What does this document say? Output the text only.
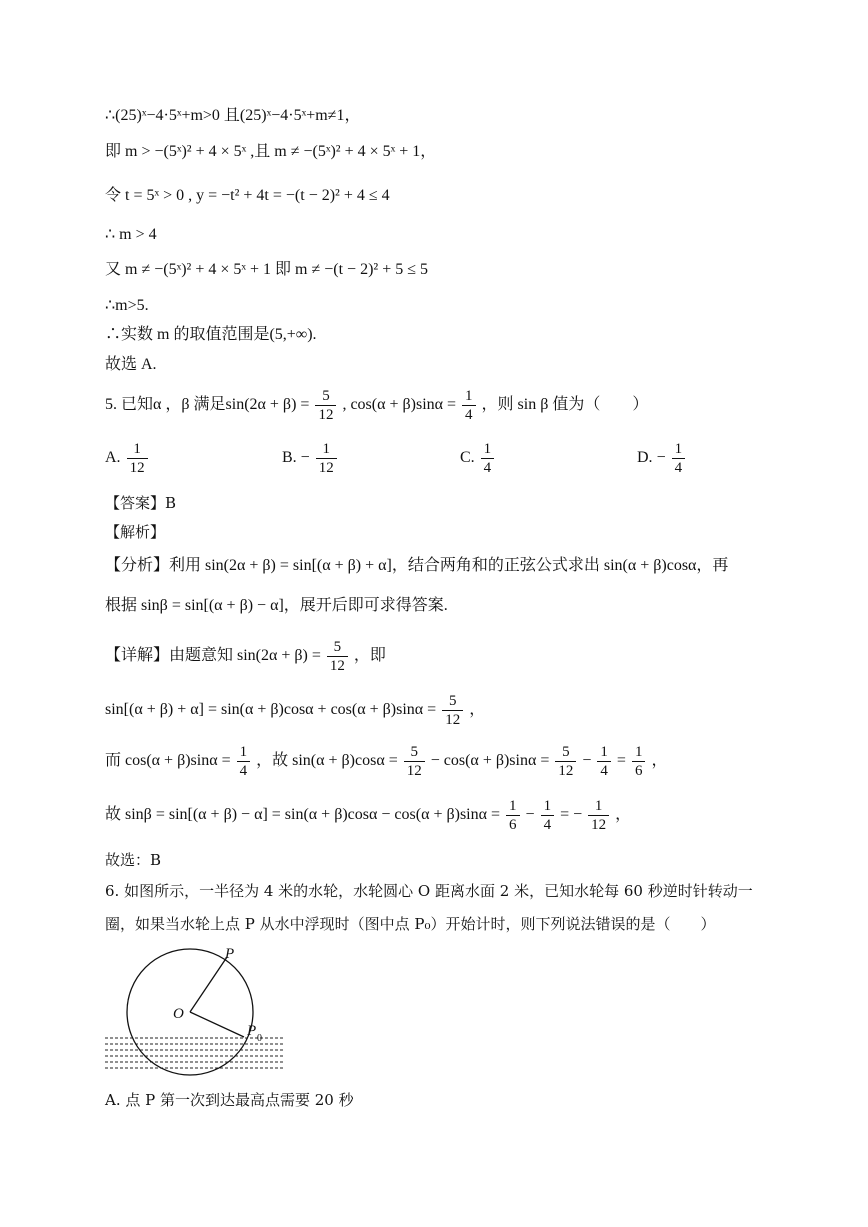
∴(25)ˣ−4·5ˣ+m>0 且(25)ˣ−4·5ˣ+m≠1，
即 m > −(5ˣ)² + 4 × 5ˣ ,且 m ≠ −(5ˣ)² + 4 × 5ˣ + 1，
令 t = 5ˣ > 0 , y = −t² + 4t = −(t − 2)² + 4 ≤ 4
∴ m > 4
又 m ≠ −(5ˣ)² + 4 × 5ˣ + 1 即 m ≠ −(t − 2)² + 5 ≤ 5
∴m>5.
∴实数 m 的取值范围是(5,+∞).
故选 A.
5. 已知α ，β 满足$\sin(2\alpha + \beta) = \frac{5}{12}$ , $\cos(\alpha + \beta)\sin\alpha = \frac{1}{4}$ ，则 sin β 值为（　　）
A. $\frac{1}{12}$	B. − $\frac{1}{12}$	C. $\frac{1}{4}$	D. − $\frac{1}{4}$
【答案】B
【解析】
【分析】利用 sin(2α + β) = sin[(α + β) + α]，结合两角和的正弦公式求出 sin(α + β)cosα，再
根据 sinβ = sin[(α + β) − α]，展开后即可求得答案.
【详解】由题意知 $\sin(2\alpha + \beta) = \frac{5}{12}$ ，即
$\sin[(\alpha + \beta) + \alpha] = \sin(\alpha + \beta)\cos\alpha + \cos(\alpha + \beta)\sin\alpha = \frac{5}{12}$ ，
而 $\cos(\alpha + \beta)\sin\alpha = \frac{1}{4}$ ，故 $\sin(\alpha + \beta)\cos\alpha = \frac{5}{12} - \cos(\alpha + \beta)\sin\alpha = \frac{5}{12} - \frac{1}{4} = \frac{1}{6}$ ，
故 $\sin\beta = \sin[(\alpha + \beta) - \alpha] = \sin(\alpha + \beta)\cos\alpha - \cos(\alpha + \beta)\sin\alpha = \frac{1}{6} - \frac{1}{4}$ = − $\frac{1}{12}$ ，
故选：B
6. 如图所示，一半径为 4 米的水轮，水轮圆心 O 距离水面 2 米，已知水轮每 60 秒逆时针转动一
圈，如果当水轮上点 P 从水中浮现时（图中点 P₀）开始计时，则下列说法错误的是（　　）
P
O
P 0
A. 点 P 第一次到达最高点需要 20 秒
